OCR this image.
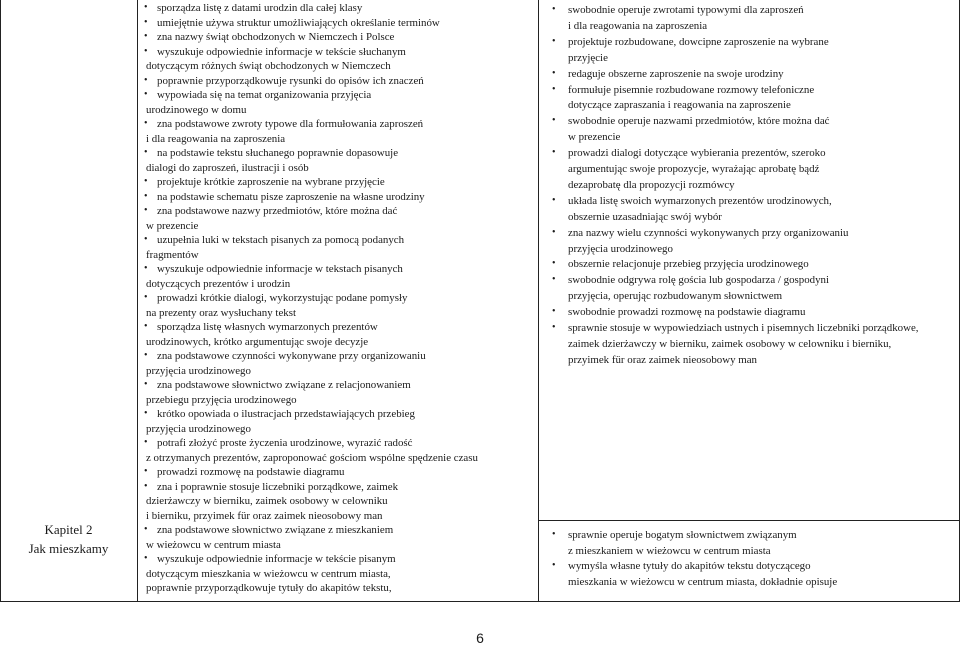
Kapitel 2
Jak mieszkamy
• sporządza listę z datami urodzin dla całej klasy
• umiejętnie używa struktur umożliwiających określanie terminów
• zna nazwy świąt obchodzonych w Niemczech i Polsce
• wyszukuje odpowiednie informacje w tekście słuchanym
dotyczącym różnych świąt obchodzonych w Niemczech
• poprawnie przyporządkowuje rysunki do opisów ich znaczeń
• wypowiada się na temat organizowania przyjęcia
urodzinowego w domu
• zna podstawowe zwroty typowe dla formułowania zaproszeń
i dla reagowania na zaproszenia
• na podstawie tekstu słuchanego poprawnie dopasowuje
dialogi do zaproszeń, ilustracji i osób
• projektuje krótkie zaproszenie na wybrane przyjęcie
• na podstawie schematu pisze zaproszenie na własne urodziny
• zna podstawowe nazwy przedmiotów, które można dać
w prezencie
• uzupełnia luki w tekstach pisanych za pomocą podanych
fragmentów
• wyszukuje odpowiednie informacje w tekstach pisanych
dotyczących prezentów i urodzin
• prowadzi krótkie dialogi, wykorzystując podane pomysły
na prezenty oraz wysłuchany tekst
• sporządza listę własnych wymarzonych prezentów
urodzinowych, krótko argumentując swoje decyzje
• zna podstawowe czynności wykonywane przy organizowaniu
przyjęcia urodzinowego
• zna podstawowe słownictwo związane z relacjonowaniem
przebiegu przyjęcia urodzinowego
• krótko opowiada o ilustracjach przedstawiających przebieg
przyjęcia urodzinowego
• potrafi złożyć proste życzenia urodzinowe, wyrazić radość
z otrzymanych prezentów, zaproponować gościom wspólne spędzenie czasu
• prowadzi rozmowę na podstawie diagramu
• zna i poprawnie stosuje liczebniki porządkowe, zaimek
dzierżawczy w bierniku, zaimek osobowy w celowniku
i bierniku, przyimek für oraz zaimek nieosobowy man
• zna podstawowe słownictwo związane z mieszkaniem
w wieżowcu w centrum miasta
• wyszukuje odpowiednie informacje w tekście pisanym
dotyczącym mieszkania w wieżowcu w centrum miasta,
poprawnie przyporządkowuje tytuły do akapitów tekstu,
• swobodnie operuje zwrotami typowymi dla zaproszeń
i dla reagowania na zaproszenia
• projektuje rozbudowane, dowcipne zaproszenie na wybrane
przyjęcie
• redaguje obszerne zaproszenie na swoje urodziny
• formułuje pisemnie rozbudowane rozmowy telefoniczne
dotyczące zapraszania i reagowania na zaproszenie
• swobodnie operuje nazwami przedmiotów, które można dać
w prezencie
• prowadzi dialogi dotyczące wybierania prezentów, szeroko
argumentując swoje propozycje, wyrażając aprobatę bądź
dezaprobatę dla propozycji rozmówcy
• układa listę swoich wymarzonych prezentów urodzinowych,
obszernie uzasadniając swój wybór
• zna nazwy wielu czynności wykonywanych przy organizowaniu
przyjęcia urodzinowego
• obszernie relacjonuje przebieg przyjęcia urodzinowego
• swobodnie odgrywa rolę gościa lub gospodarza / gospodyni
przyjęcia, operując rozbudowanym słownictwem
• swobodnie prowadzi rozmowę na podstawie diagramu
• sprawnie stosuje w wypowiedziach ustnych i pisemnych liczebniki porządkowe,
zaimek dzierżawczy w bierniku, zaimek osobowy w celowniku i bierniku,
przyimek für oraz zaimek nieosobowy man
• sprawnie operuje bogatym słownictwem związanym
z mieszkaniem w wieżowcu w centrum miasta
• wymyśla własne tytuły do akapitów tekstu dotyczącego
mieszkania w wieżowcu w centrum miasta, dokładnie opisuje
6
